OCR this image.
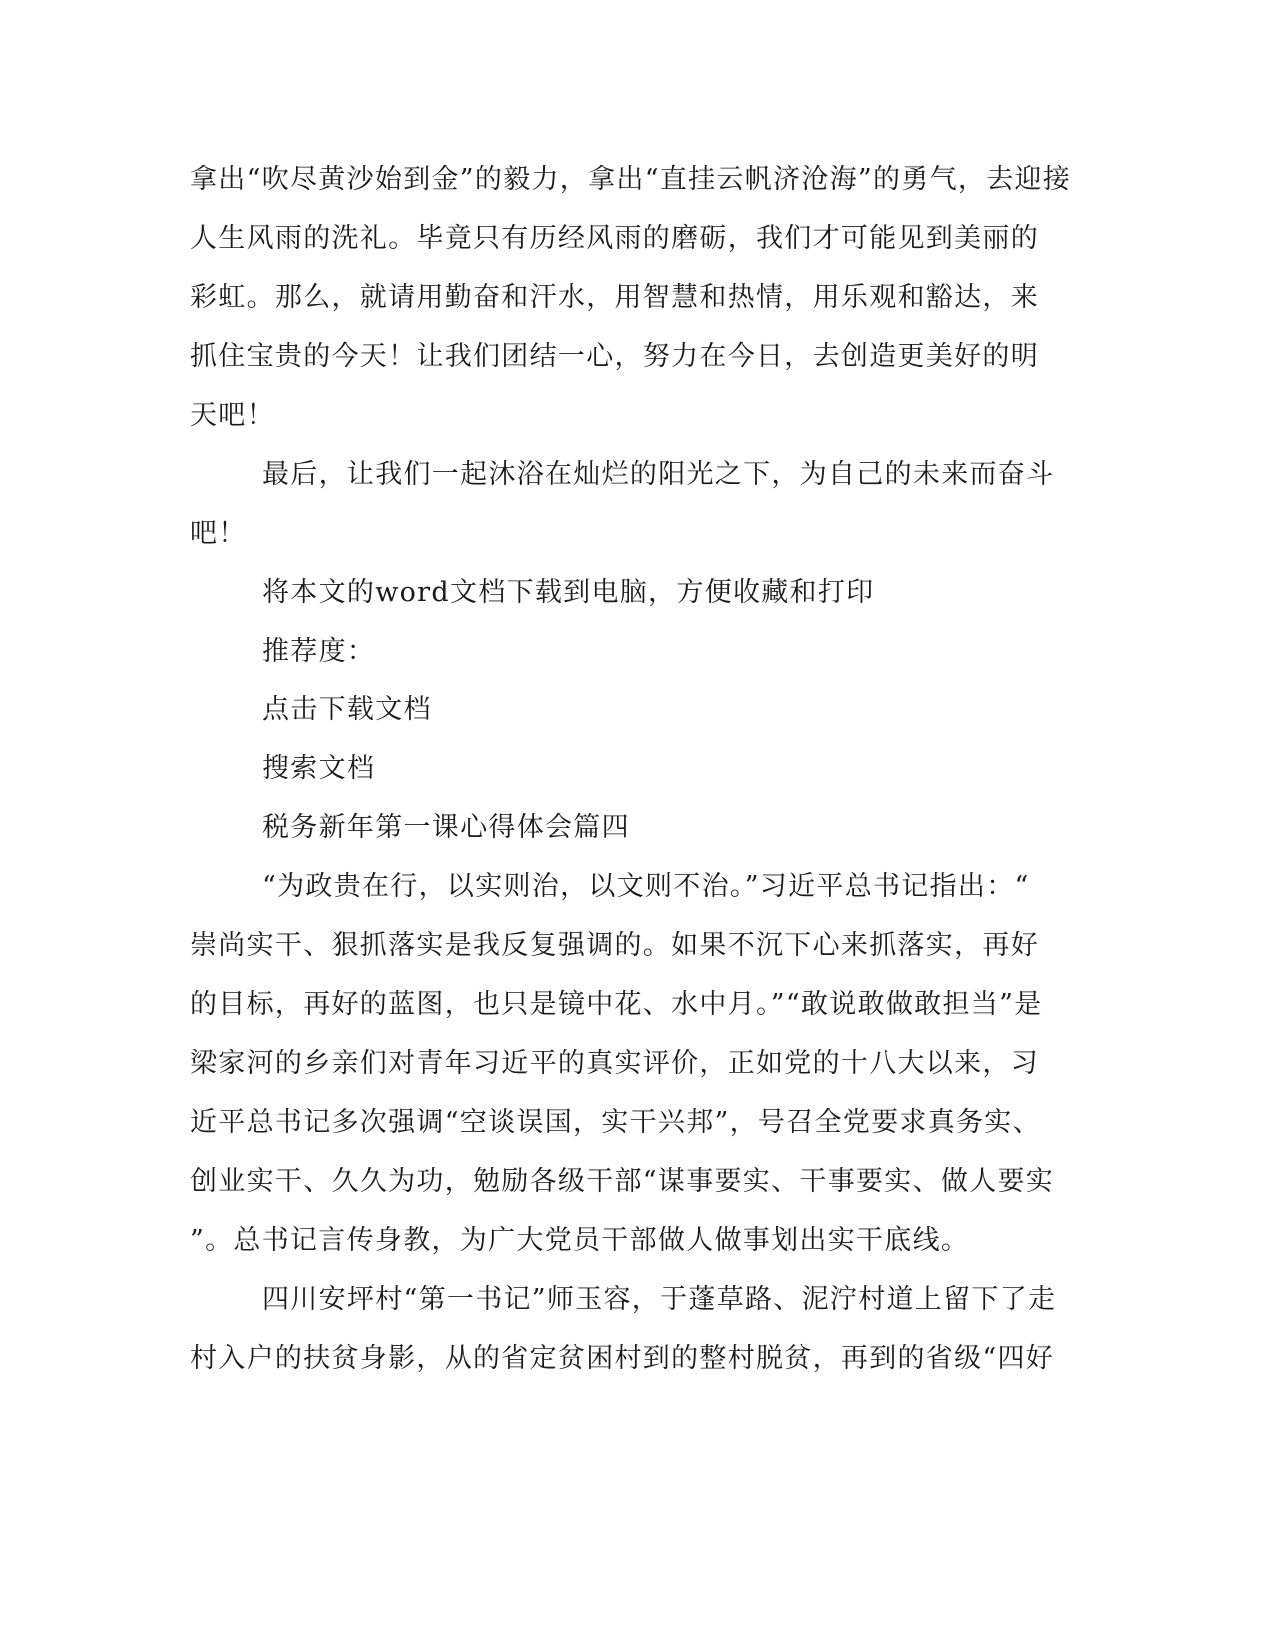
拿出“吹尽黄沙始到金”的毅力，拿出“直挂云帆济沧海”的勇气，去迎接
人生风雨的洗礼。毕竟只有历经风雨的磨砺，我们才可能见到美丽的
彩虹。那么，就请用勤奋和汗水，用智慧和热情，用乐观和豁达，来
抓住宝贵的今天！让我们团结一心，努力在今日，去创造更美好的明
天吧！
最后，让我们一起沐浴在灿烂的阳光之下，为自己的未来而奋斗
吧！
将本文的word文档下载到电脑，方便收藏和打印
推荐度：
点击下载文档
搜索文档
税务新年第一课心得体会篇四
“为政贵在行，以实则治，以文则不治。”习近平总书记指出：“
崇尚实干、狠抓落实是我反复强调的。如果不沉下心来抓落实，再好
的目标，再好的蓝图，也只是镜中花、水中月。”“敢说敢做敢担当”是
梁家河的乡亲们对青年习近平的真实评价，正如党的十八大以来，习
近平总书记多次强调“空谈误国，实干兴邦”，号召全党要求真务实、
创业实干、久久为功，勉励各级干部“谋事要实、干事要实、做人要实
”。总书记言传身教，为广大党员干部做人做事划出实干底线。
四川安坪村“第一书记”师玉容，于蓬草路、泥泞村道上留下了走
村入户的扶贫身影，从的省定贫困村到的整村脱贫，再到的省级“四好
